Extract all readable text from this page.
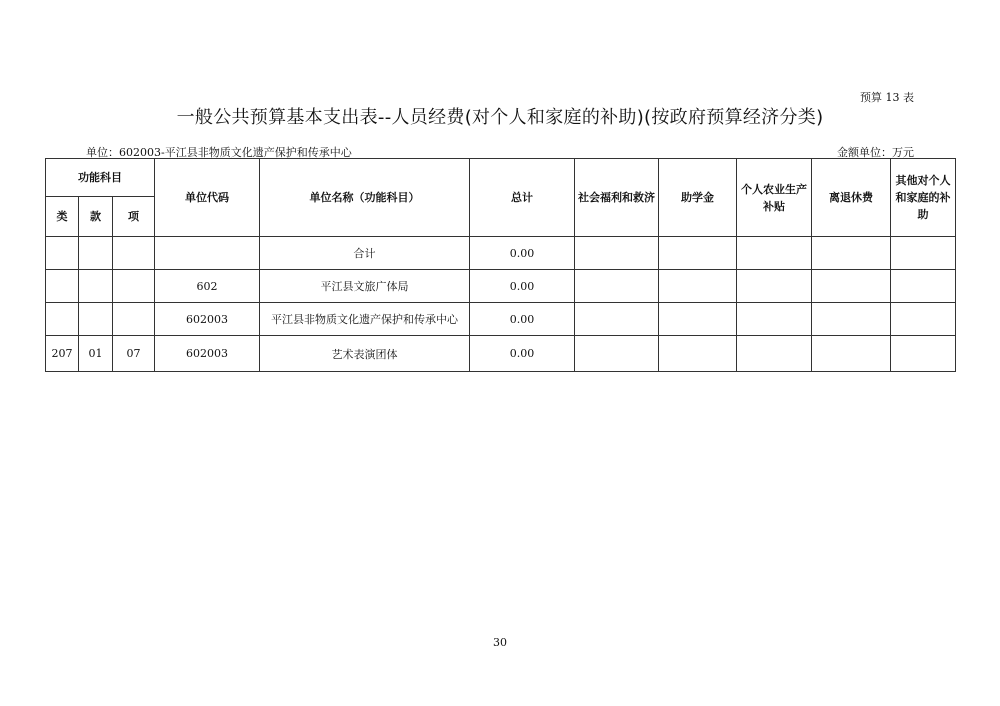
预算 13 表
一般公共预算基本支出表--人员经费(对个人和家庭的补助)(按政府预算经济分类)
单位：602003-平江县非物质文化遗产保护和传承中心	金额单位：万元
功能科目			单位代码	单位名称（功能科目）	总计	社会福利和救济	助学金	个人农业生产补贴	离退休费	其他对个人和家庭的补助
类	款	项								
				合计	0.00					
			602	平江县文旅广体局	0.00					
			602003	平江县非物质文化遗产保护和传承中心	0.00					
207	01	07	602003	艺术表演团体	0.00					
30
